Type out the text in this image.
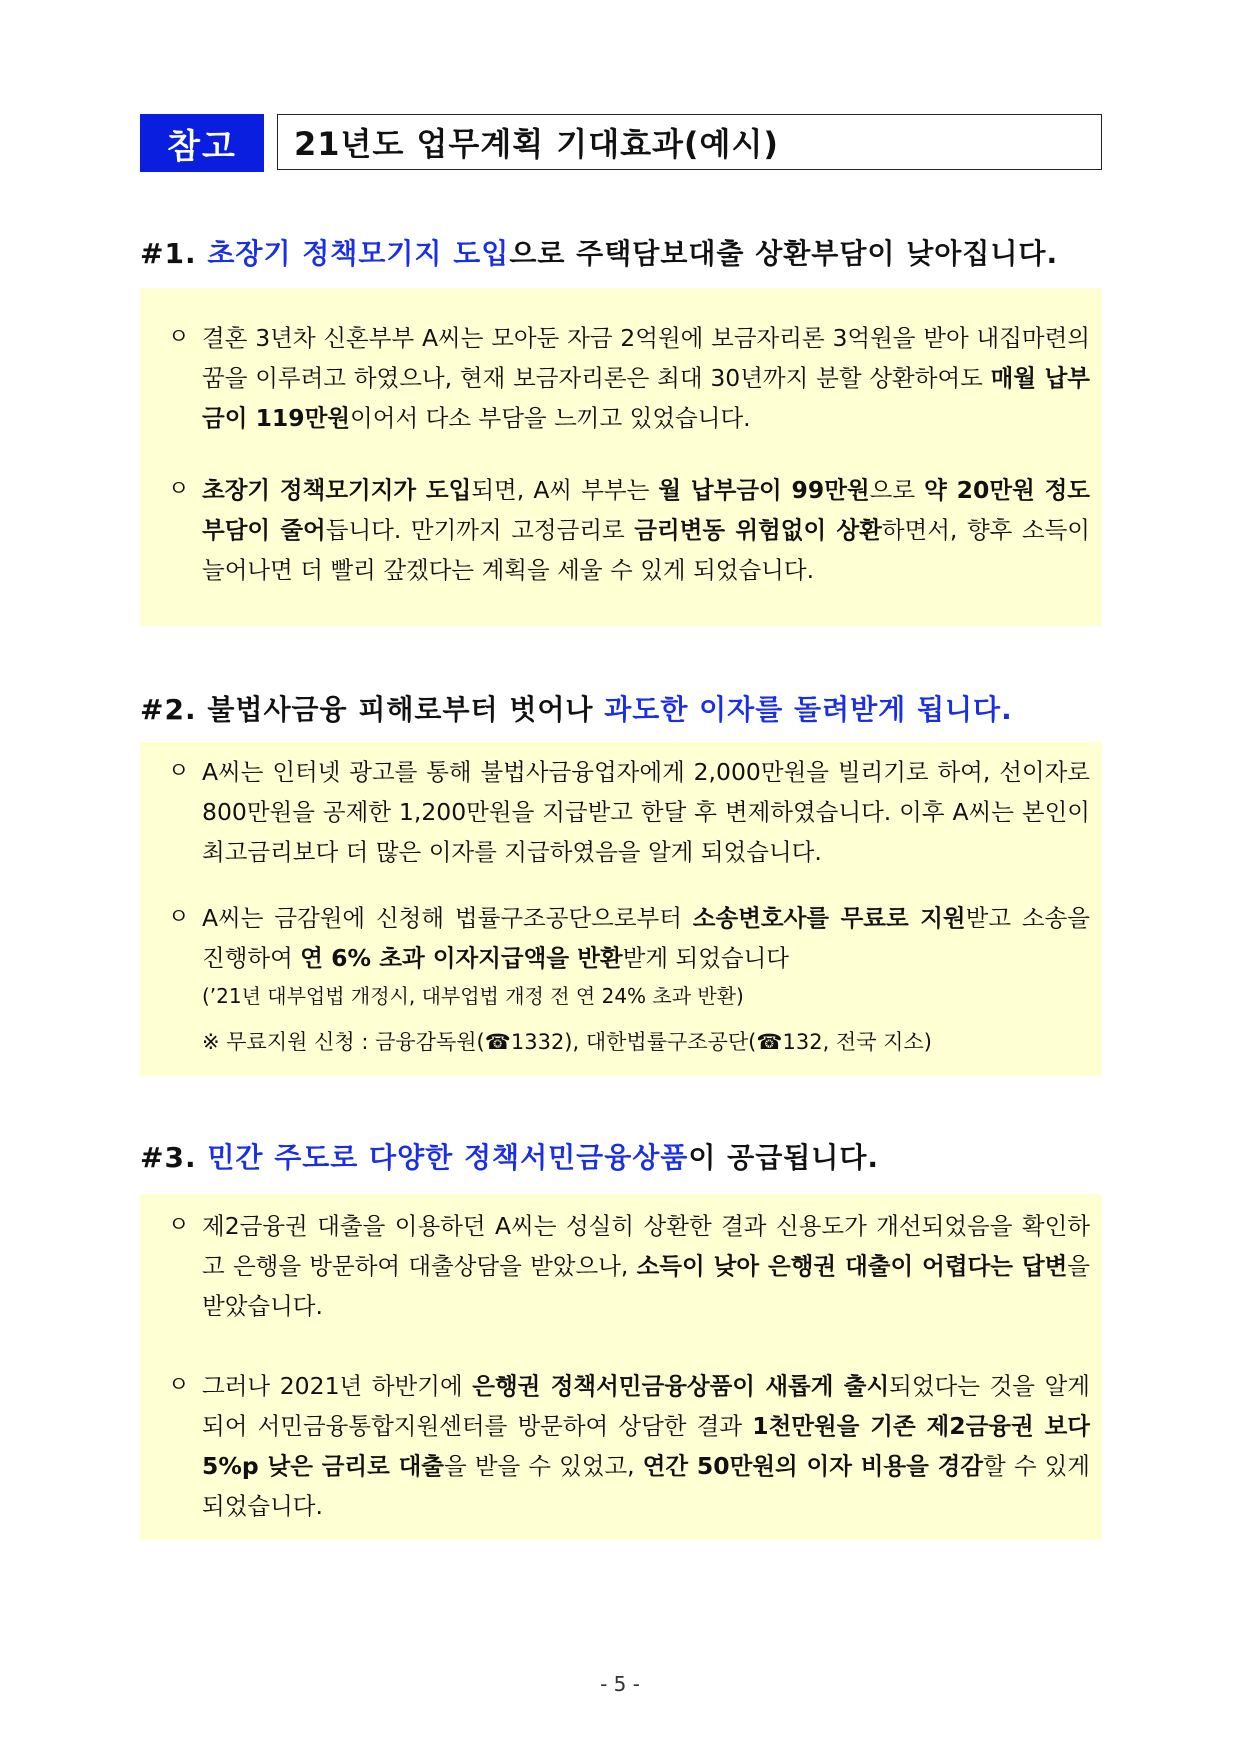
참고	21년도 업무계획 기대효과(예시)
#1. 초장기 정책모기지 도입으로 주택담보대출 상환부담이 낮아집니다.
ㅇ 결혼 3년차 신혼부부 A씨는 모아둔 자금 2억원에 보금자리론 3억원을 받아 내집마련의 꿈을 이루려고 하였으나, 현재 보금자리론은 최대 30년까지 분할 상환하여도 매월 납부금이 119만원이어서 다소 부담을 느끼고 있었습니다.
ㅇ 초장기 정책모기지가 도입되면, A씨 부부는 월 납부금이 99만원으로 약 20만원 정도 부담이 줄어듭니다. 만기까지 고정금리로 금리변동 위험없이 상환하면서, 향후 소득이 늘어나면 더 빨리 갚겠다는 계획을 세울 수 있게 되었습니다.
#2. 불법사금융 피해로부터 벗어나 과도한 이자를 돌려받게 됩니다.
ㅇ A씨는 인터넷 광고를 통해 불법사금융업자에게 2,000만원을 빌리기로 하여, 선이자로 800만원을 공제한 1,200만원을 지급받고 한달 후 변제하였습니다. 이후 A씨는 본인이 최고금리보다 더 많은 이자를 지급하였음을 알게 되었습니다.
ㅇ A씨는 금감원에 신청해 법률구조공단으로부터 소송변호사를 무료로 지원받고 소송을 진행하여 연 6% 초과 이자지급액을 반환받게 되었습니다
(’21년 대부업법 개정시, 대부업법 개정 전 연 24% 초과 반환)
※ 무료지원 신청 : 금융감독원(☎1332), 대한법률구조공단(☎132, 전국 지소)
#3. 민간 주도로 다양한 정책서민금융상품이 공급됩니다.
ㅇ 제2금융권 대출을 이용하던 A씨는 성실히 상환한 결과 신용도가 개선되었음을 확인하고 은행을 방문하여 대출상담을 받았으나, 소득이 낮아 은행권 대출이 어렵다는 답변을 받았습니다.
ㅇ 그러나 2021년 하반기에 은행권 정책서민금융상품이 새롭게 출시되었다는 것을 알게 되어 서민금융통합지원센터를 방문하여 상담한 결과 1천만원을 기존 제2금융권 보다 5%p 낮은 금리로 대출을 받을 수 있었고, 연간 50만원의 이자 비용을 경감할 수 있게 되었습니다.
- 5 -
